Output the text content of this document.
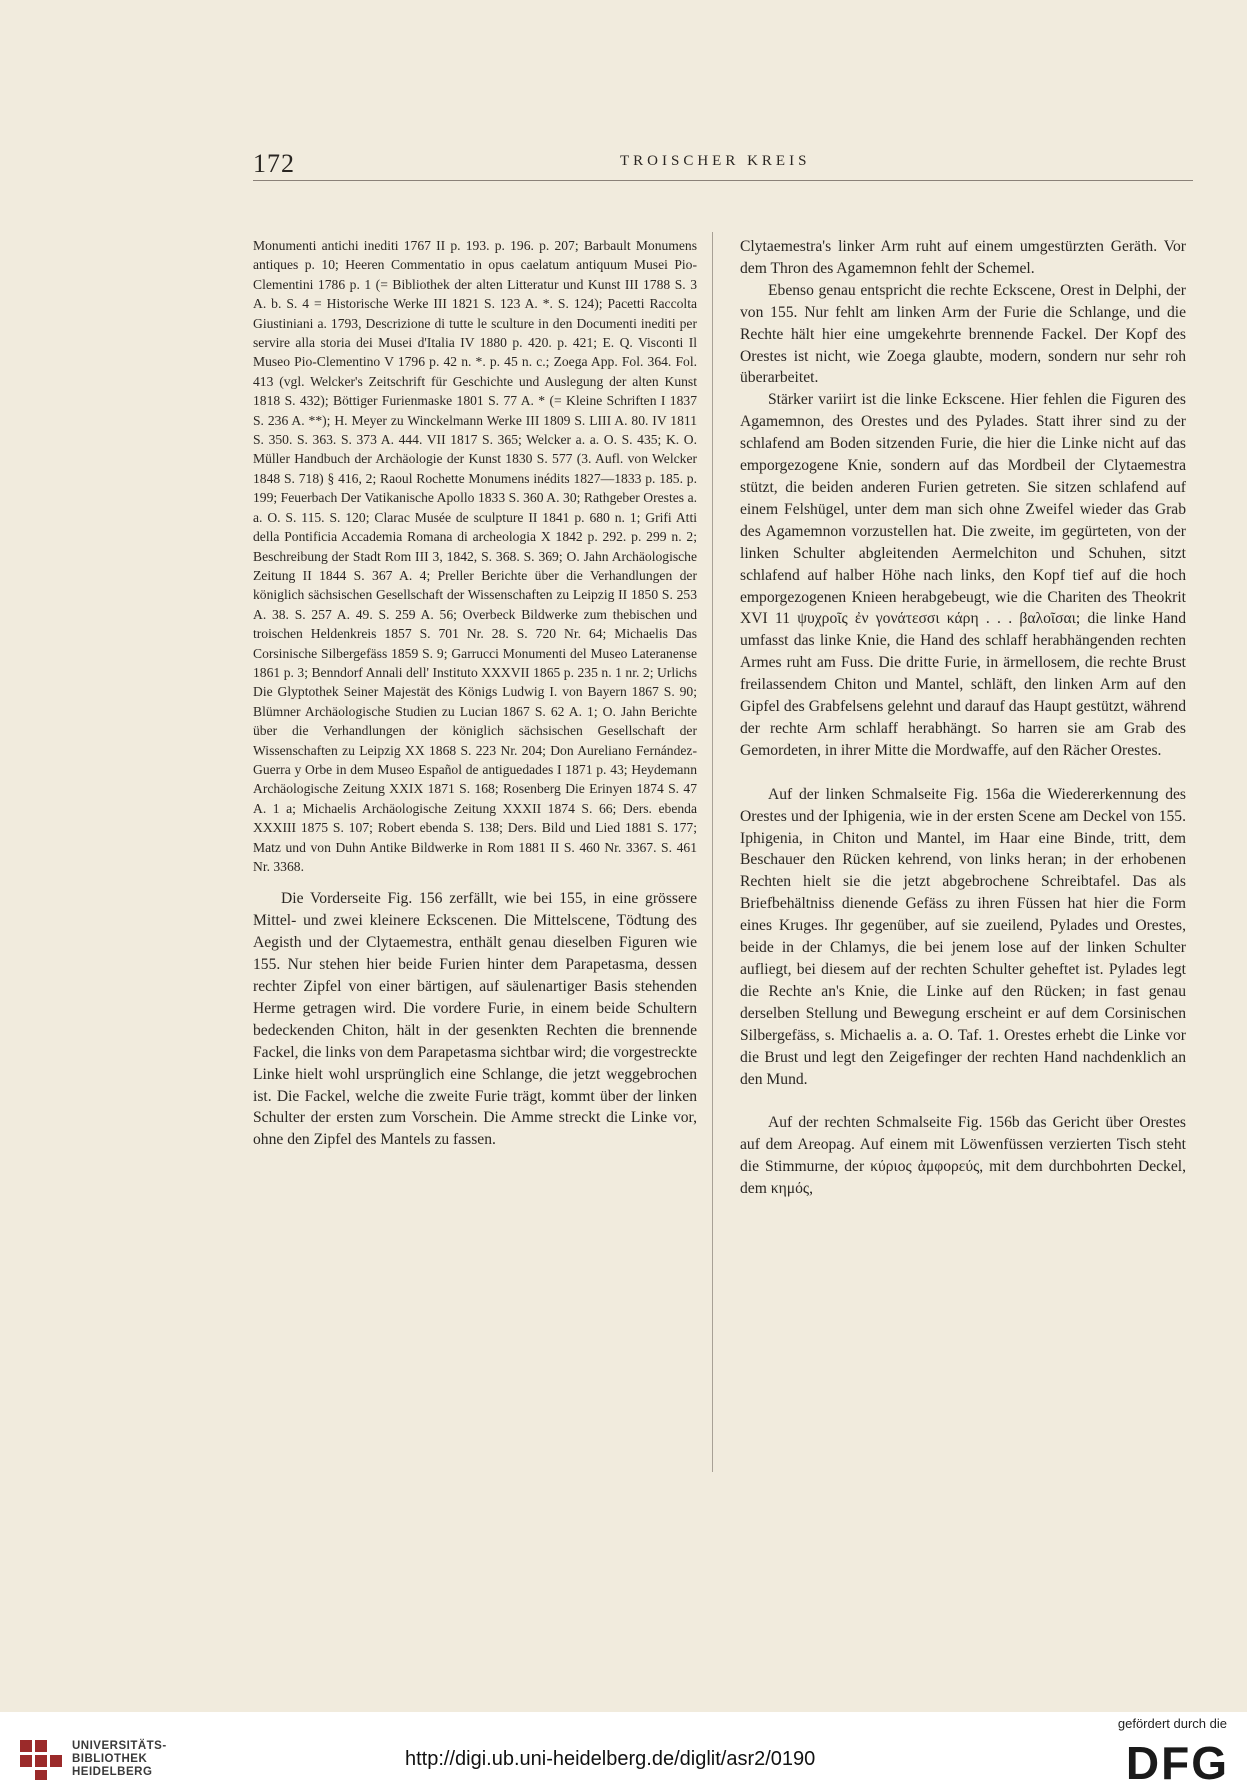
172	TROISCHER KREIS

Monumenti antichi inediti 1767 II p. 193. p. 196. p. 207; Barbault Monumens antiques p. 10; Heeren Commentatio in opus caelatum antiquum Musei Pio-Clementini 1786 p. 1 (= Bibliothek der alten Litteratur und Kunst III 1788 S. 3 A. b. S. 4 = Historische Werke III 1821 S. 123 A. *. S. 124); Pacetti Raccolta Giustiniani a. 1793, Descrizione di tutte le sculture in den Documenti inediti per servire alla storia dei Musei d'Italia IV 1880 p. 420. p. 421; E. Q. Visconti Il Museo Pio-Clementino V 1796 p. 42 n. *. p. 45 n. c.; Zoega App. Fol. 364. Fol. 413 (vgl. Welcker's Zeitschrift für Geschichte und Auslegung der alten Kunst 1818 S. 432); Böttiger Furienmaske 1801 S. 77 A. * (= Kleine Schriften I 1837 S. 236 A. **); H. Meyer zu Winckelmann Werke III 1809 S. LIII A. 80. IV 1811 S. 350. S. 363. S. 373 A. 444. VII 1817 S. 365; Welcker a. a. O. S. 435; K. O. Müller Handbuch der Archäologie der Kunst 1830 S. 577 (3. Aufl. von Welcker 1848 S. 718) § 416, 2; Raoul Rochette Monumens inédits 1827—1833 p. 185. p. 199; Feuerbach Der Vatikanische Apollo 1833 S. 360 A. 30; Rathgeber Orestes a. a. O. S. 115. S. 120; Clarac Musée de sculpture II 1841 p. 680 n. 1; Grifi Atti della Pontificia Accademia Romana di archeologia X 1842 p. 292. p. 299 n. 2; Beschreibung der Stadt Rom III 3, 1842, S. 368. S. 369; O. Jahn Archäologische Zeitung II 1844 S. 367 A. 4; Preller Berichte über die Verhandlungen der königlich sächsischen Gesellschaft der Wissenschaften zu Leipzig II 1850 S. 253 A. 38. S. 257 A. 49. S. 259 A. 56; Overbeck Bildwerke zum thebischen und troischen Heldenkreis 1857 S. 701 Nr. 28. S. 720 Nr. 64; Michaelis Das Corsinische Silbergefäss 1859 S. 9; Garrucci Monumenti del Museo Lateranense 1861 p. 3; Benndorf Annali dell' Instituto XXXVII 1865 p. 235 n. 1 nr. 2; Urlichs Die Glyptothek Seiner Majestät des Königs Ludwig I. von Bayern 1867 S. 90; Blümner Archäologische Studien zu Lucian 1867 S. 62 A. 1; O. Jahn Berichte über die Verhandlungen der königlich sächsischen Gesellschaft der Wissenschaften zu Leipzig XX 1868 S. 223 Nr. 204; Don Aureliano Fernández-Guerra y Orbe in dem Museo Español de antiguedades I 1871 p. 43; Heydemann Archäologische Zeitung XXIX 1871 S. 168; Rosenberg Die Erinyen 1874 S. 47 A. 1 a; Michaelis Archäologische Zeitung XXXII 1874 S. 66; Ders. ebenda XXXIII 1875 S. 107; Robert ebenda S. 138; Ders. Bild und Lied 1881 S. 177; Matz und von Duhn Antike Bildwerke in Rom 1881 II S. 460 Nr. 3367. S. 461 Nr. 3368.

Die Vorderseite Fig. 156 zerfällt, wie bei 155, in eine grössere Mittel- und zwei kleinere Eckscenen. Die Mittelscene, Tödtung des Aegisth und der Clytaemestra, enthält genau dieselben Figuren wie 155. Nur stehen hier beide Furien hinter dem Parapetasma, dessen rechter Zipfel von einer bärtigen, auf säulenartiger Basis stehenden Herme getragen wird. Die vordere Furie, in einem beide Schultern bedeckenden Chiton, hält in der gesenkten Rechten die brennende Fackel, die links von dem Parapetasma sichtbar wird; die vorgestreckte Linke hielt wohl ursprünglich eine Schlange, die jetzt weggebrochen ist. Die Fackel, welche die zweite Furie trägt, kommt über der linken Schulter der ersten zum Vorschein. Die Amme streckt die Linke vor, ohne den Zipfel des Mantels zu fassen.

Clytaemestra's linker Arm ruht auf einem umgestürzten Geräth. Vor dem Thron des Agamemnon fehlt der Schemel.

Ebenso genau entspricht die rechte Eckscene, Orest in Delphi, der von 155. Nur fehlt am linken Arm der Furie die Schlange, und die Rechte hält hier eine umgekehrte brennende Fackel. Der Kopf des Orestes ist nicht, wie Zoega glaubte, modern, sondern nur sehr roh überarbeitet.

Stärker variirt ist die linke Eckscene. Hier fehlen die Figuren des Agamemnon, des Orestes und des Pylades. Statt ihrer sind zu der schlafend am Boden sitzenden Furie, die hier die Linke nicht auf das emporgezogene Knie, sondern auf das Mordbeil der Clytaemestra stützt, die beiden anderen Furien getreten. Sie sitzen schlafend auf einem Felshügel, unter dem man sich ohne Zweifel wieder das Grab des Agamemnon vorzustellen hat. Die zweite, im gegürteten, von der linken Schulter abgleitenden Aermelchiton und Schuhen, sitzt schlafend auf halber Höhe nach links, den Kopf tief auf die hoch emporgezogenen Knieen herabgebeugt, wie die Chariten des Theokrit XVI 11 ψυχροῖς ἐν γονάτεσσι κάρη . . . βαλοῖσαι; die linke Hand umfasst das linke Knie, die Hand des schlaff herabhängenden rechten Armes ruht am Fuss. Die dritte Furie, in ärmellosem, die rechte Brust freilassendem Chiton und Mantel, schläft, den linken Arm auf den Gipfel des Grabfelsens gelehnt und darauf das Haupt gestützt, während der rechte Arm schlaff herabhängt. So harren sie am Grab des Gemordeten, in ihrer Mitte die Mordwaffe, auf den Rächer Orestes.

Auf der linken Schmalseite Fig. 156a die Wiedererkennung des Orestes und der Iphigenia, wie in der ersten Scene am Deckel von 155. Iphigenia, in Chiton und Mantel, im Haar eine Binde, tritt, dem Beschauer den Rücken kehrend, von links heran; in der erhobenen Rechten hielt sie die jetzt abgebrochene Schreibtafel. Das als Briefbehältniss dienende Gefäss zu ihren Füssen hat hier die Form eines Kruges. Ihr gegenüber, auf sie zueilend, Pylades und Orestes, beide in der Chlamys, die bei jenem lose auf der linken Schulter aufliegt, bei diesem auf der rechten Schulter geheftet ist. Pylades legt die Rechte an's Knie, die Linke auf den Rücken; in fast genau derselben Stellung und Bewegung erscheint er auf dem Corsinischen Silbergefäss, s. Michaelis a. a. O. Taf. 1. Orestes erhebt die Linke vor die Brust und legt den Zeigefinger der rechten Hand nachdenklich an den Mund.

Auf der rechten Schmalseite Fig. 156b das Gericht über Orestes auf dem Areopag. Auf einem mit Löwenfüssen verzierten Tisch steht die Stimmurne, der κύριος ἀμφορεύς, mit dem durchbohrten Deckel, dem κημός,

UNIVERSITÄTS-
BIBLIOTHEK
HEIDELBERG
http://digi.ub.uni-heidelberg.de/diglit/asr2/0190
gefördert durch die
DFG
